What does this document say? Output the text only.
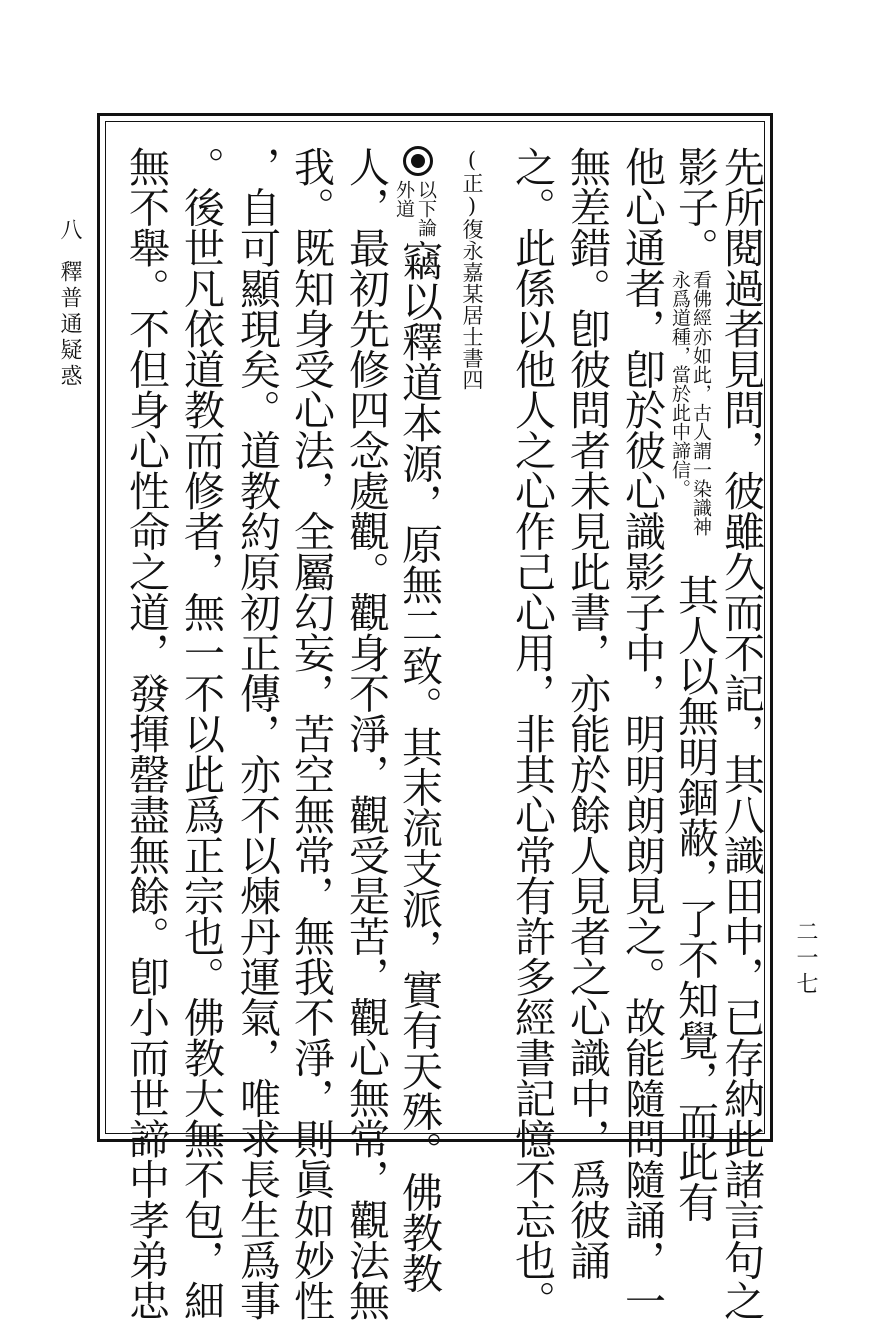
八
釋普通疑惑
二一七
先所閱過者見問，彼雖久而不記，其八識田中，已存納此諸言句之
影子。
看佛經亦如此，古人謂一染識神
永爲道種，當於此中諦信。
其人以無明錮蔽，了不知覺，而此有
他心通者，卽於彼心識影子中，明明朗朗見之。故能隨問隨誦，一
無差錯。卽彼問者未見此書，亦能於餘人見者之心識中，爲彼誦
之。此係以他人之心作己心用，非其心常有許多經書記憶不忘也。
(正)復永嘉某居士書四
以下論
外道
竊以釋道本源，原無二致。其末流支派，實有天殊。佛教教
人，最初先修四念處觀。觀身不淨，觀受是苦，觀心無常，觀法無
我。既知身受心法，全屬幻妄，苦空無常，無我不淨，則眞如妙性
，自可顯現矣。道教約原初正傳，亦不以煉丹運氣，唯求長生爲事
。後世凡依道教而修者，無一不以此爲正宗也。佛教大無不包，細
無不舉。不但身心性命之道，發揮罄盡無餘。卽小而世諦中孝弟忠
